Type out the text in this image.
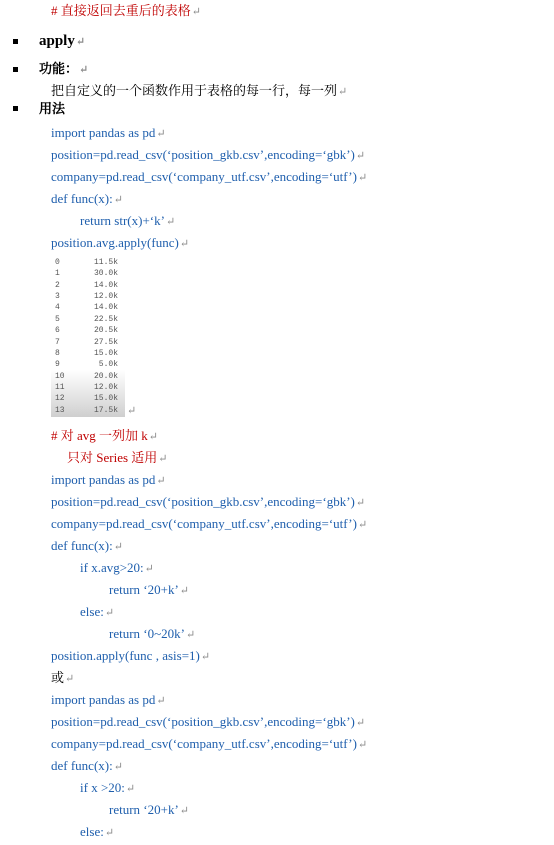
# 直接返回去重后的表格↵
apply↵
功能：↵
把自定义的一个函数作用于表格的每一行，每一列↵
用法
import pandas as pd↵
position=pd.read_csv(‘position_gkb.csv’,encoding=‘gbk’)↵
company=pd.read_csv(‘company_utf.csv’,encoding=‘utf’)↵
def func(x):↵
return str(x)+‘k’↵
position.avg.apply(func)↵
0	11.5k
1	30.0k
2	14.0k
3	12.0k
4	14.0k
5	22.5k
6	20.5k
7	27.5k
8	15.0k
9	5.0k
10	20.0k
11	12.0k
12	15.0k
13	17.5k ↵
# 对 avg 一列加 k↵
只对 Series 适用↵
import pandas as pd↵
position=pd.read_csv(‘position_gkb.csv’,encoding=‘gbk’)↵
company=pd.read_csv(‘company_utf.csv’,encoding=‘utf’)↵
def func(x):↵
if x.avg>20:↵
return ‘20+k’↵
else:↵
return ‘0~20k’↵
position.apply(func , asis=1)↵
或↵
import pandas as pd↵
position=pd.read_csv(‘position_gkb.csv’,encoding=‘gbk’)↵
company=pd.read_csv(‘company_utf.csv’,encoding=‘utf’)↵
def func(x):↵
if x >20:↵
return ‘20+k’↵
else:↵
